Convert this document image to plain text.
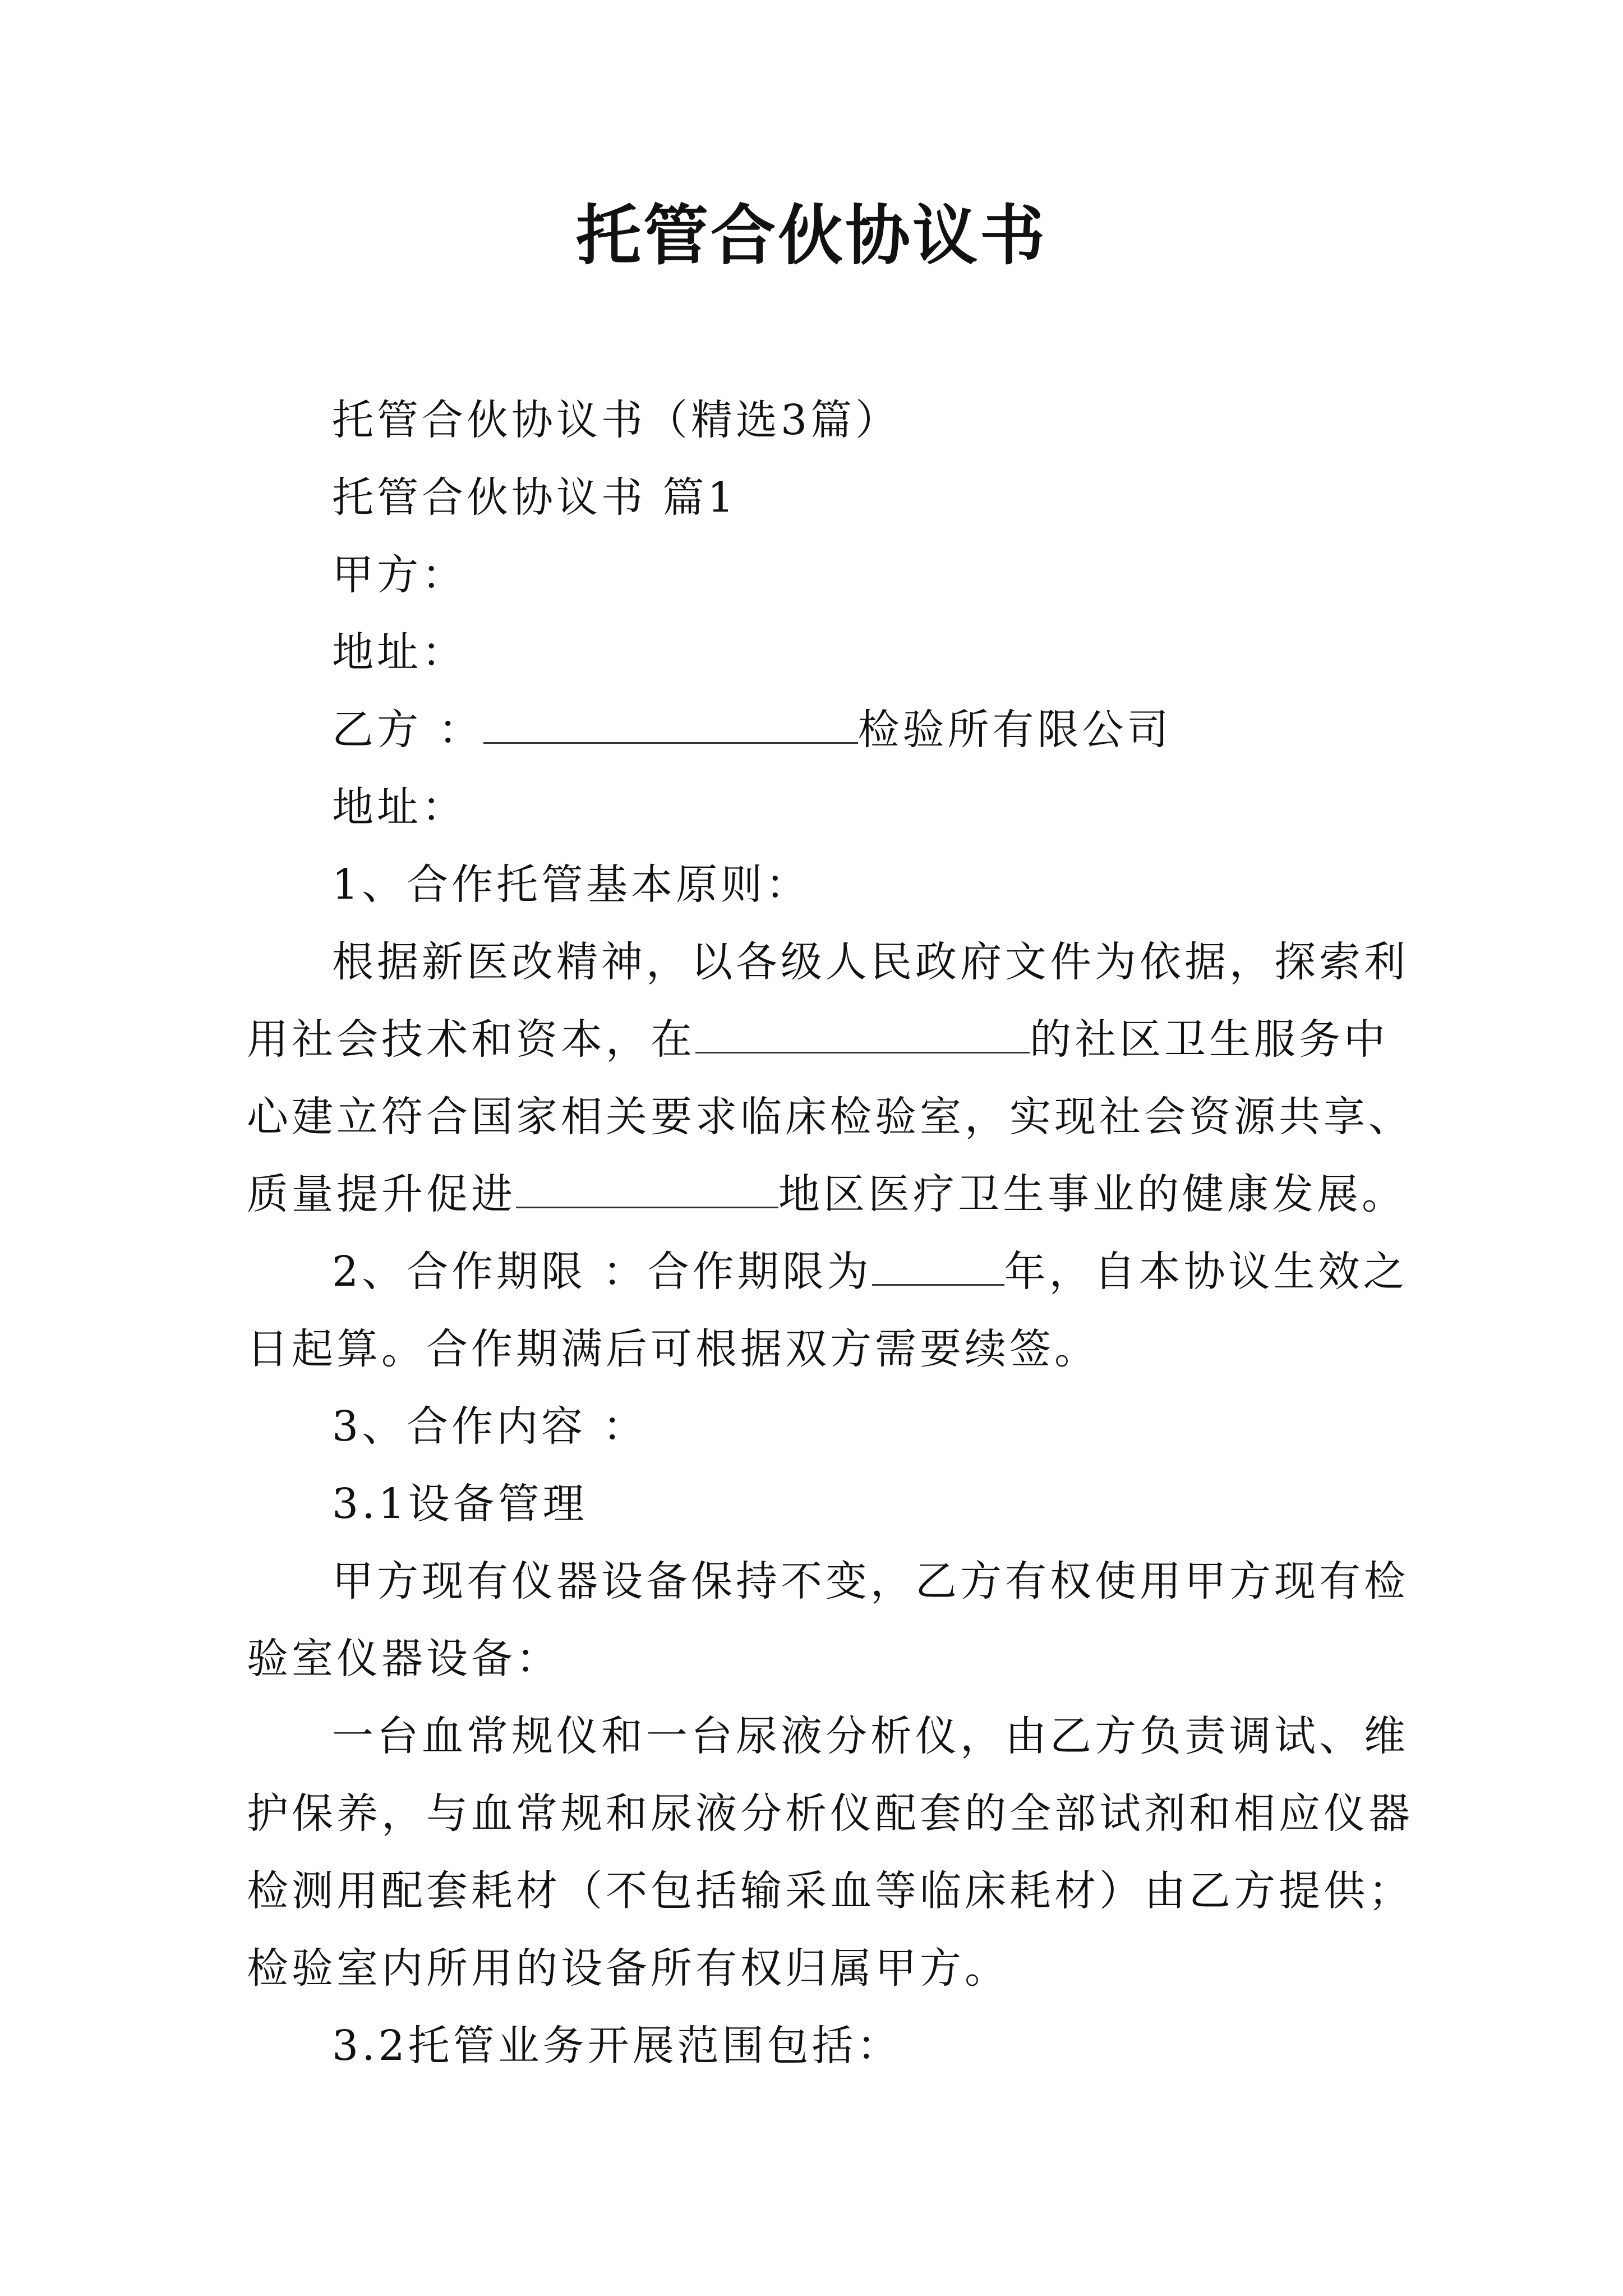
托管合伙协议书
托管合伙协议书（精选3篇）
托管合伙协议书 篇1
甲方：
地址：
乙方 ：	检验所有限公司
地址：
1、合作托管基本原则：
根据新医改精神，以各级人民政府文件为依据，探索利
用社会技术和资本，在	的社区卫生服务中
心建立符合国家相关要求临床检验室，实现社会资源共享、
质量提升促进	地区医疗卫生事业的健康发展。
2、合作期限 ：合作期限为	年，自本协议生效之
日起算。合作期满后可根据双方需要续签。
3、合作内容 ：
3.1设备管理
甲方现有仪器设备保持不变，乙方有权使用甲方现有检
验室仪器设备：
一台血常规仪和一台尿液分析仪，由乙方负责调试、维
护保养，与血常规和尿液分析仪配套的全部试剂和相应仪器
检测用配套耗材（不包括输采血等临床耗材）由乙方提供；
检验室内所用的设备所有权归属甲方。
3.2托管业务开展范围包括：
